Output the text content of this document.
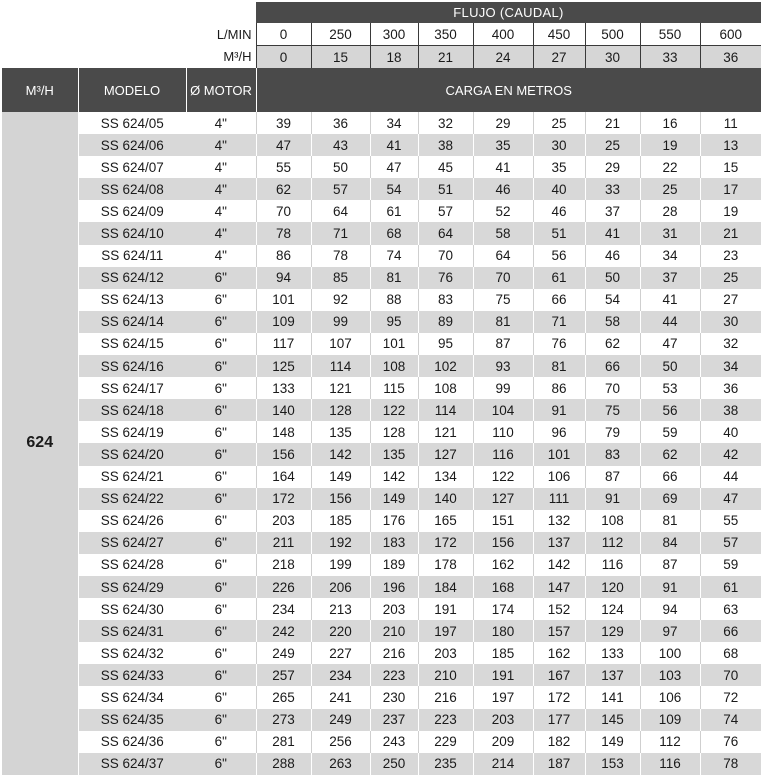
			FLUJO (CAUDAL)								
L/MIN			0	250	300	350	400	450	500	550	600
M³/H			0	15	18	21	24	27	30	33	36
M³/H	MODELO	Ø MOTOR	CARGA EN METROS								
624	SS 624/05	4"	39	36	34	32	29	25	21	16	11
	SS 624/06	4"	47	43	41	38	35	30	25	19	13
	SS 624/07	4"	55	50	47	45	41	35	29	22	15
	SS 624/08	4"	62	57	54	51	46	40	33	25	17
	SS 624/09	4"	70	64	61	57	52	46	37	28	19
	SS 624/10	4"	78	71	68	64	58	51	41	31	21
	SS 624/11	4"	86	78	74	70	64	56	46	34	23
	SS 624/12	6"	94	85	81	76	70	61	50	37	25
	SS 624/13	6"	101	92	88	83	75	66	54	41	27
	SS 624/14	6"	109	99	95	89	81	71	58	44	30
	SS 624/15	6"	117	107	101	95	87	76	62	47	32
	SS 624/16	6"	125	114	108	102	93	81	66	50	34
	SS 624/17	6"	133	121	115	108	99	86	70	53	36
	SS 624/18	6"	140	128	122	114	104	91	75	56	38
	SS 624/19	6"	148	135	128	121	110	96	79	59	40
	SS 624/20	6"	156	142	135	127	116	101	83	62	42
	SS 624/21	6"	164	149	142	134	122	106	87	66	44
	SS 624/22	6"	172	156	149	140	127	111	91	69	47
	SS 624/26	6"	203	185	176	165	151	132	108	81	55
	SS 624/27	6"	211	192	183	172	156	137	112	84	57
	SS 624/28	6"	218	199	189	178	162	142	116	87	59
	SS 624/29	6"	226	206	196	184	168	147	120	91	61
	SS 624/30	6"	234	213	203	191	174	152	124	94	63
	SS 624/31	6"	242	220	210	197	180	157	129	97	66
	SS 624/32	6"	249	227	216	203	185	162	133	100	68
	SS 624/33	6"	257	234	223	210	191	167	137	103	70
	SS 624/34	6"	265	241	230	216	197	172	141	106	72
	SS 624/35	6"	273	249	237	223	203	177	145	109	74
	SS 624/36	6"	281	256	243	229	209	182	149	112	76
	SS 624/37	6"	288	263	250	235	214	187	153	116	78
